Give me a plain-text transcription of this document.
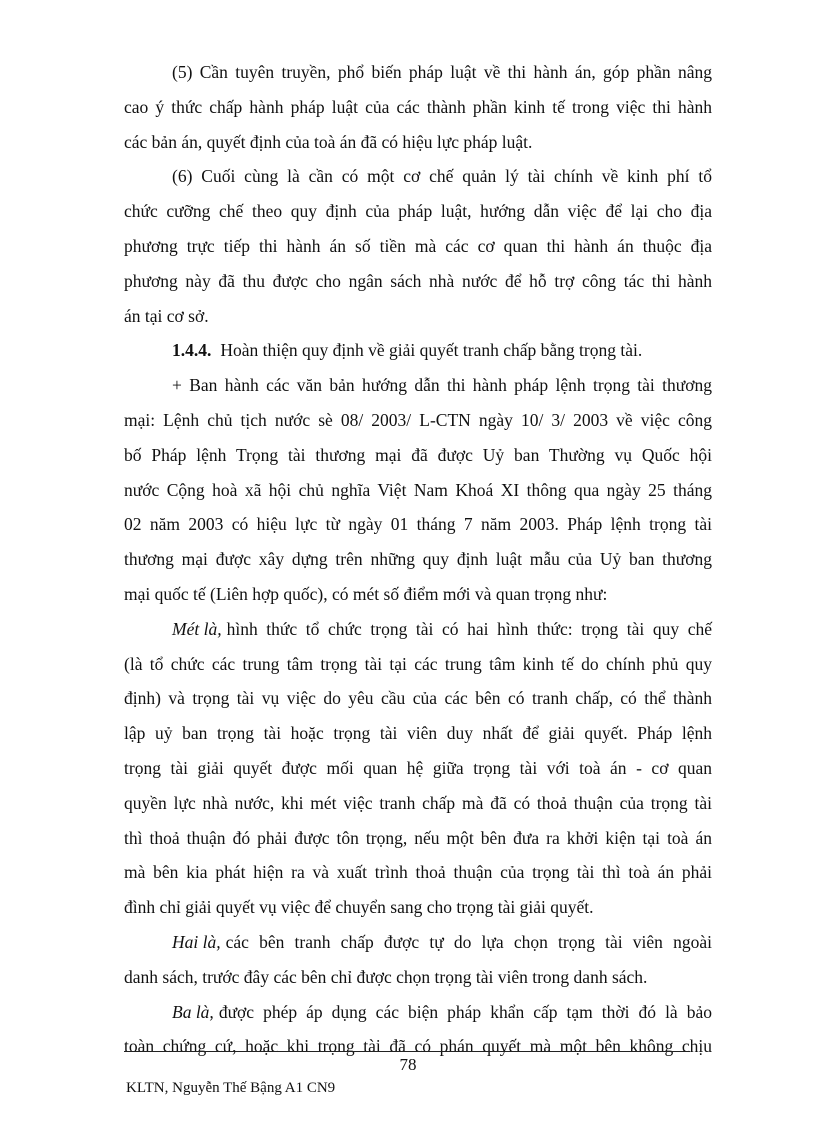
(5) Cần tuyên truyền, phổ biến pháp luật về thi hành án, góp phần nâng
cao ý thức chấp hành pháp luật của các thành phần kinh tế trong việc thi hành
các bản án, quyết định của toà án đã có hiệu lực pháp luật.
(6) Cuối cùng là cần có một cơ chế quản lý tài chính về kinh phí tổ
chức cưỡng chế theo quy định của pháp luật, hướng dẫn việc để lại cho địa
phương trực tiếp thi hành án số tiền mà các cơ quan thi hành án thuộc địa
phương này đã thu được cho ngân sách nhà nước để hỗ trợ công tác thi hành
án tại cơ sở.
1.4.4. Hoàn thiện quy định về giải quyết tranh chấp bằng trọng tài.
+ Ban hành các văn bản hướng dẫn thi hành pháp lệnh trọng tài thương
mại: Lệnh chủ tịch nước sè 08/ 2003/ L-CTN ngày 10/ 3/ 2003 về việc công
bố Pháp lệnh Trọng tài thương mại đã được Uỷ ban Thường vụ Quốc hội
nước Cộng hoà xã hội chủ nghĩa Việt Nam Khoá XI thông qua ngày 25 tháng
02 năm 2003 có hiệu lực từ ngày 01 tháng 7 năm 2003. Pháp lệnh trọng tài
thương mại được xây dựng trên những quy định luật mẫu của Uỷ ban thương
mại quốc tế (Liên hợp quốc), có mét số điểm mới và quan trọng như:
Mét là, hình thức tổ chức trọng tài có hai hình thức: trọng tài quy chế
(là tổ chức các trung tâm trọng tài tại các trung tâm kinh tế do chính phủ quy
định) và trọng tài vụ việc do yêu cầu của các bên có tranh chấp, có thể thành
lập uỷ ban trọng tài hoặc trọng tài viên duy nhất để giải quyết. Pháp lệnh
trọng tài giải quyết được mối quan hệ giữa trọng tài với toà án - cơ quan
quyền lực nhà nước, khi mét việc tranh chấp mà đã có thoả thuận của trọng tài
thì thoả thuận đó phải được tôn trọng, nếu một bên đưa ra khởi kiện tại toà án
mà bên kia phát hiện ra và xuất trình thoả thuận của trọng tài thì toà án phải
đình chỉ giải quyết vụ việc để chuyển sang cho trọng tài giải quyết.
Hai là, các bên tranh chấp được tự do lựa chọn trọng tài viên ngoài
danh sách, trước đây các bên chỉ được chọn trọng tài viên trong danh sách.
Ba là, được phép áp dụng các biện pháp khẩn cấp tạm thời đó là bảo
toàn chứng cứ, hoặc khi trọng tài đã có phán quyết mà một bên không chịu
78
KLTN, Nguyễn Thế Bậng A1 CN9
